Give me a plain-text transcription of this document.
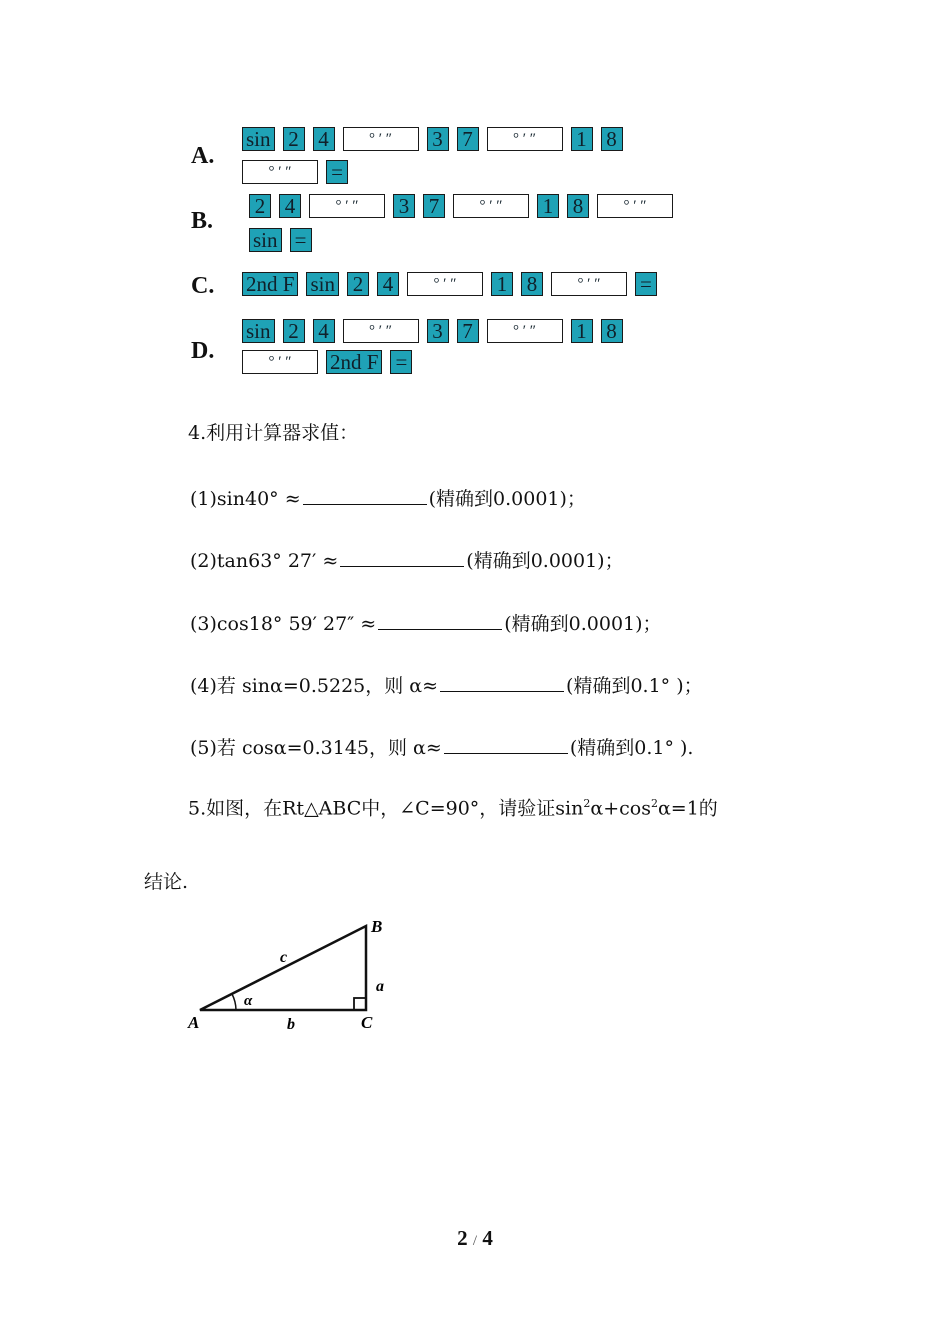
A.
sin 2 4	° ′ ″	3 7	° ′ ″	1 8
° ′ ″	=
B.
2 4	° ′ ″	3 7	° ′ ″	1 8	° ′ ″
sin =
C. 2nd F sin 2 4	° ′ ″	1 8	° ′ ″	=
D.
sin 2 4	° ′ ″	3 7	° ′ ″	1 8
° ′ ″	2nd F =
4.利用计算器求值：
(1)sin40° ≈	(精确到0.0001)；
(2)tan63° 27′ ≈	(精确到0.0001)；
(3)cos18° 59′ 27″ ≈	(精确到0.0001)；
(4)若 sinα=0.5225，则 α≈	(精确到0.1° )；
(5)若 cosα=0.3145，则 α≈	(精确到0.1° ).
5.如图，在Rt△ABC中，∠C=90°，请验证$\sin^2\alpha+\cos^2\alpha=1$的
结论.
A
B
C
a
b
c
α
2 / 4
